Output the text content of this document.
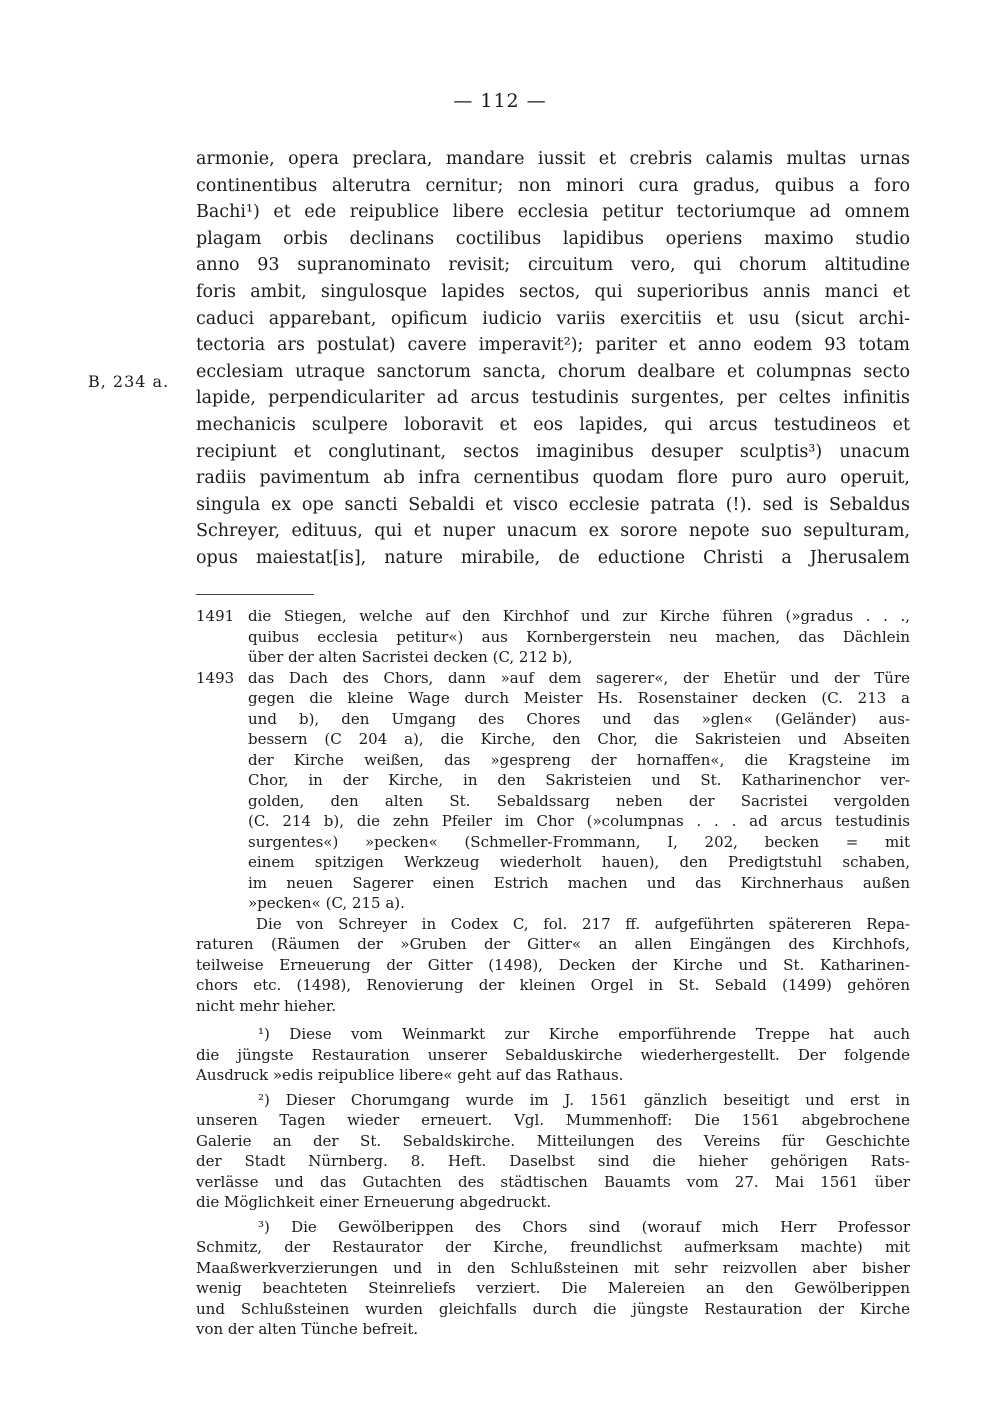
— 112 —
B, 234 a.
armonie, opera preclara, mandare iussit et crebris calamis multas urnas
continentibus alterutra cernitur; non minori cura gradus, quibus a foro
Bachi¹) et ede reipublice libere ecclesia petitur tectoriumque ad omnem
plagam orbis declinans coctilibus lapidibus operiens maximo studio
anno 93 supranominato revisit; circuitum vero, qui chorum altitudine
foris ambit, singulosque lapides sectos, qui superioribus annis manci et
caduci apparebant, opificum iudicio variis exercitiis et usu (sicut archi-
tectoria ars postulat) cavere imperavit²); pariter et anno eodem 93 totam
ecclesiam utraque sanctorum sancta, chorum dealbare et columpnas secto
lapide, perpendiculariter ad arcus testudinis surgentes, per celtes infinitis
mechanicis sculpere loboravit et eos lapides, qui arcus testudineos et
recipiunt et conglutinant, sectos imaginibus desuper sculptis³) unacum
radiis pavimentum ab infra cernentibus quodam flore puro auro operuit,
singula ex ope sancti Sebaldi et visco ecclesie patrata (!). sed is Sebaldus
Schreyer, edituus, qui et nuper unacum ex sorore nepote suo sepulturam,
opus maiestat[is], nature mirabile, de eductione Christi a Jherusalem
1491 die Stiegen, welche auf den Kirchhof und zur Kirche führen (»gradus . . .,
quibus ecclesia petitur«) aus Kornbergerstein neu machen, das Dächlein
über der alten Sacristei decken (C, 212 b),
1493 das Dach des Chors, dann »auf dem sagerer«, der Ehetür und der Türe
gegen die kleine Wage durch Meister Hs. Rosenstainer decken (C. 213 a
und b), den Umgang des Chores und das »glen« (Geländer) aus-
bessern (C 204 a), die Kirche, den Chor, die Sakristeien und Abseiten
der Kirche weißen, das »gespreng der hornaffen«, die Kragsteine im
Chor, in der Kirche, in den Sakristeien und St. Katharinenchor ver-
golden, den alten St. Sebaldssarg neben der Sacristei vergolden
(C. 214 b), die zehn Pfeiler im Chor (»columpnas . . . ad arcus testudinis
surgentes«) »pecken« (Schmeller-Frommann, I, 202, becken = mit
einem spitzigen Werkzeug wiederholt hauen), den Predigtstuhl schaben,
im neuen Sagerer einen Estrich machen und das Kirchnerhaus außen
»pecken« (C, 215 a).
Die von Schreyer in Codex C, fol. 217 ff. aufgeführten spätereren Repa-
raturen (Räumen der »Gruben der Gitter« an allen Eingängen des Kirchhofs,
teilweise Erneuerung der Gitter (1498), Decken der Kirche und St. Katharinen-
chors etc. (1498), Renovierung der kleinen Orgel in St. Sebald (1499) gehören
nicht mehr hieher.
¹) Diese vom Weinmarkt zur Kirche emporführende Treppe hat auch
die jüngste Restauration unserer Sebalduskirche wiederhergestellt. Der folgende
Ausdruck »edis reipublice libere« geht auf das Rathaus.
²) Dieser Chorumgang wurde im J. 1561 gänzlich beseitigt und erst in
unseren Tagen wieder erneuert. Vgl. Mummenhoff: Die 1561 abgebrochene
Galerie an der St. Sebaldskirche. Mitteilungen des Vereins für Geschichte
der Stadt Nürnberg. 8. Heft. Daselbst sind die hieher gehörigen Rats-
verlässe und das Gutachten des städtischen Bauamts vom 27. Mai 1561 über
die Möglichkeit einer Erneuerung abgedruckt.
³) Die Gewölberippen des Chors sind (worauf mich Herr Professor
Schmitz, der Restaurator der Kirche, freundlichst aufmerksam machte) mit
Maaßwerkverzierungen und in den Schlußsteinen mit sehr reizvollen aber bisher
wenig beachteten Steinreliefs verziert. Die Malereien an den Gewölberippen
und Schlußsteinen wurden gleichfalls durch die jüngste Restauration der Kirche
von der alten Tünche befreit.
